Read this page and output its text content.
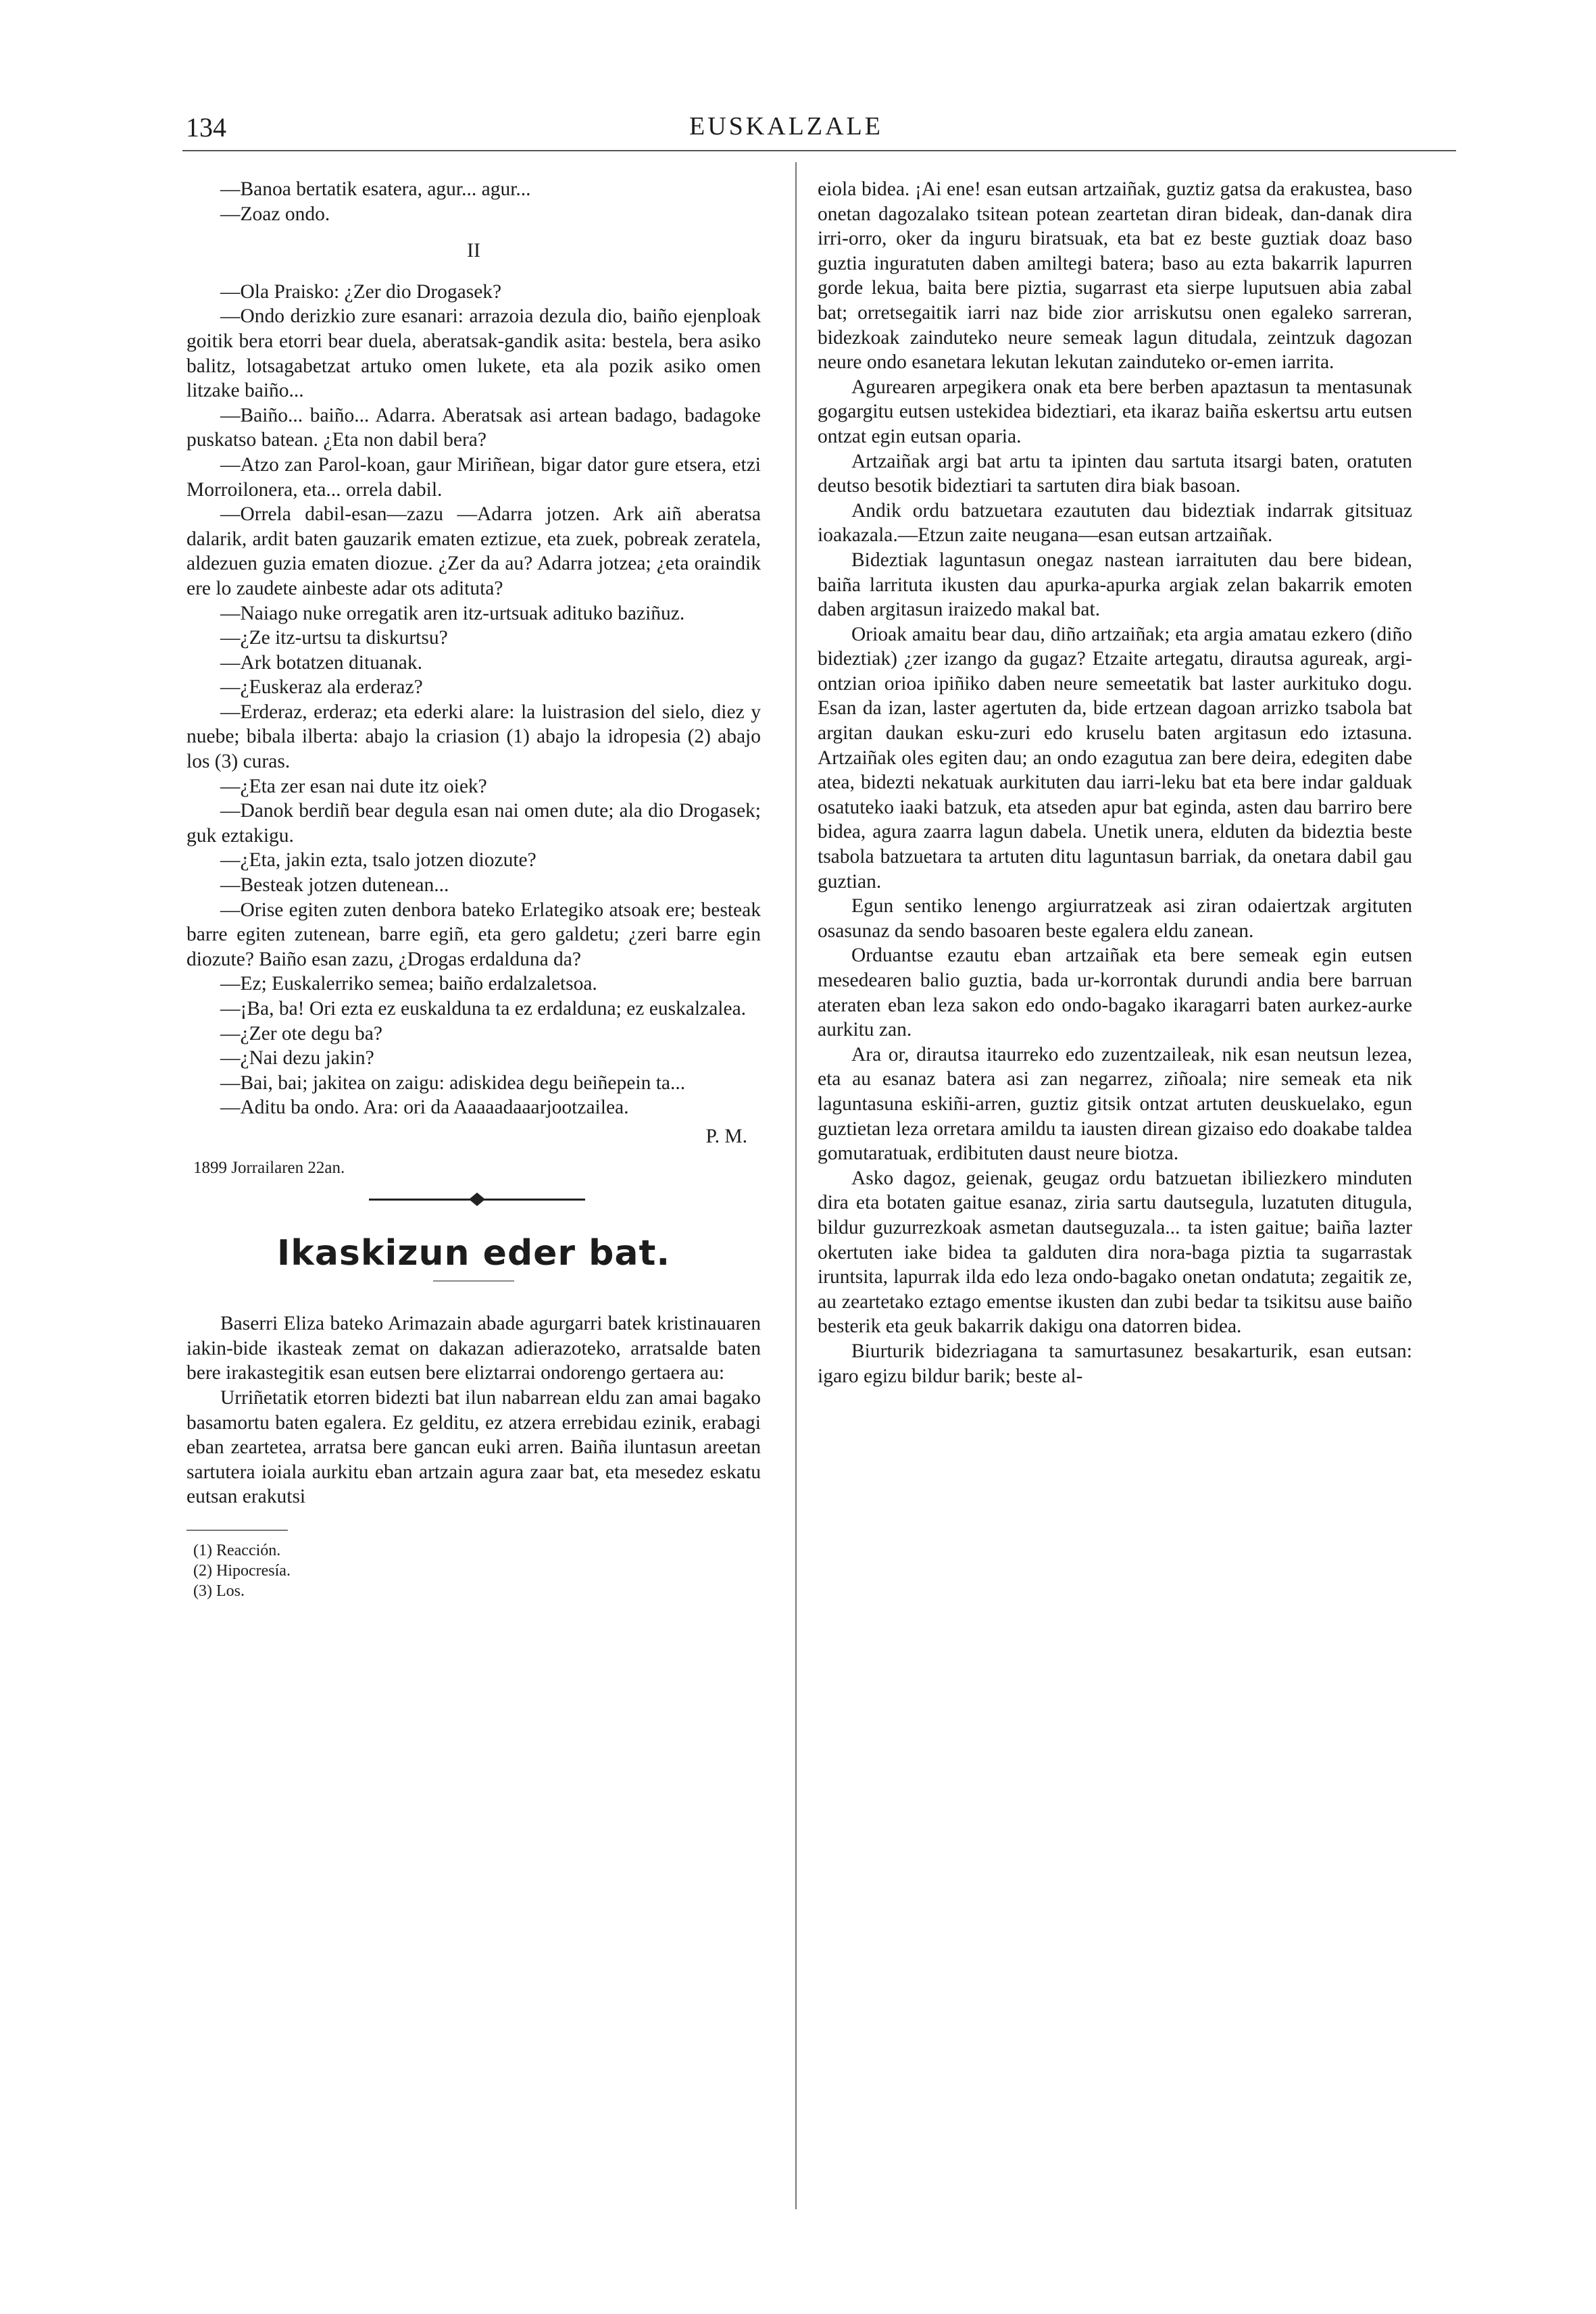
134	EUSKALZALE

—Banoa bertatik esatera, agur... agur...

—Zoaz ondo.

II

—Ola Praisko: ¿Zer dio Drogasek?

—Ondo derizkio zure esanari: arrazoia dezula dio, baiño ejenploak goitik bera etorri bear duela, aberatsak-gandik asita: bestela, bera asiko balitz, lotsagabetzat artuko omen lukete, eta ala pozik asiko omen litzake baiño...

—Baiño... baiño... Adarra. Aberatsak asi artean badago, badagoke puskatso batean. ¿Eta non dabil bera?

—Atzo zan Parol-koan, gaur Miriñean, bigar dator gure etsera, etzi Morroilonera, eta... orrela dabil.

—Orrela dabil-esan—zazu —Adarra jotzen. Ark aiñ aberatsa dalarik, ardit baten gauzarik ematen eztizue, eta zuek, pobreak zeratela, aldezuen guzia ematen diozue. ¿Zer da au? Adarra jotzea; ¿eta oraindik ere lo zaudete ainbeste adar ots adituta?

—Naiago nuke orregatik aren itz-urtsuak adituko baziñuz.

—¿Ze itz-urtsu ta diskurtsu?

—Ark botatzen dituanak.

—¿Euskeraz ala erderaz?

—Erderaz, erderaz; eta ederki alare: la luistrasion del sielo, diez y nuebe; bibala ilberta: abajo la criasion (1) abajo la idropesia (2) abajo los (3) curas.

—¿Eta zer esan nai dute itz oiek?

—Danok berdiñ bear degula esan nai omen dute; ala dio Drogasek; guk eztakigu.

—¿Eta, jakin ezta, tsalo jotzen diozute?

—Besteak jotzen dutenean...

—Orise egiten zuten denbora bateko Erlategiko atsoak ere; besteak barre egiten zutenean, barre egiñ, eta gero galdetu; ¿zeri barre egin diozute? Baiño esan zazu, ¿Drogas erdalduna da?

—Ez; Euskalerriko semea; baiño erdalzaletsoa.

—¡Ba, ba! Ori ezta ez euskalduna ta ez erdalduna; ez euskalzalea.

—¿Zer ote degu ba?

—¿Nai dezu jakin?

—Bai, bai; jakitea on zaigu: adiskidea degu beiñepein ta...

—Aditu ba ondo. Ara: ori da Aaaaadaaarjootzailea.

P. M.

1899 Jorrailaren 22an.

Ikaskizun eder bat.

Baserri Eliza bateko Arimazain abade agurgarri batek kristinauaren iakin-bide ikasteak zemat on dakazan adierazoteko, arratsalde baten bere irakastegitik esan eutsen bere eliztarrai ondorengo gertaera au:

Urriñetatik etorren bidezti bat ilun nabarrean eldu zan amai bagako basamortu baten egalera. Ez gelditu, ez atzera errebidau ezinik, erabagi eban zeartetea, arratsa bere gancan euki arren. Baiña iluntasun areetan sartutera ioiala aurkitu eban artzain agura zaar bat, eta mesedez eskatu eutsan erakutsi

(1) Reacción.
(2) Hipocresía.
(3) Los.

eiola bidea. ¡Ai ene! esan eutsan artzaiñak, guztiz gatsa da erakustea, baso onetan dagozalako tsitean potean zeartetan diran bideak, dan-danak dira irri-orro, oker da inguru biratsuak, eta bat ez beste guztiak doaz baso guztia inguratuten daben amiltegi batera; baso au ezta bakarrik lapurren gorde lekua, baita bere piztia, sugarrast eta sierpe luputsuen abia zabal bat; orretsegaitik iarri naz bide zior arriskutsu onen egaleko sarreran, bidezkoak zainduteko neure semeak lagun ditudala, zeintzuk dagozan neure ondo esanetara lekutan lekutan zainduteko or-emen iarrita.

Agurearen arpegikera onak eta bere berben apaztasun ta mentasunak gogargitu eutsen ustekidea bideztiari, eta ikaraz baiña eskertsu artu eutsen ontzat egin eutsan oparia.

Artzaiñak argi bat artu ta ipinten dau sartuta itsargi baten, oratuten deutso besotik bideztiari ta sartuten dira biak basoan.

Andik ordu batzuetara ezaututen dau bideztiak indarrak gitsituaz ioakazala.—Etzun zaite neugana—esan eutsan artzaiñak.

Bideztiak laguntasun onegaz nastean iarraituten dau bere bidean, baiña larrituta ikusten dau apurka-apurka argiak zelan bakarrik emoten daben argitasun iraizedo makal bat.

Orioak amaitu bear dau, diño artzaiñak; eta argia amatau ezkero (diño bideztiak) ¿zer izango da gugaz? Etzaite artegatu, dirautsa agureak, argi-ontzian orioa ipiñiko daben neure semeetatik bat laster aurkituko dogu. Esan da izan, laster agertuten da, bide ertzean dagoan arrizko tsabola bat argitan daukan esku-zuri edo kruselu baten argitasun edo iztasuna. Artzaiñak oles egiten dau; an ondo ezagutua zan bere deira, edegiten dabe atea, bidezti nekatuak aurkituten dau iarri-leku bat eta bere indar galduak osatuteko iaaki batzuk, eta atseden apur bat eginda, asten dau barriro bere bidea, agura zaarra lagun dabela. Unetik unera, elduten da bideztia beste tsabola batzuetara ta artuten ditu laguntasun barriak, da onetara dabil gau guztian.

Egun sentiko lenengo argiurratzeak asi ziran odaiertzak argituten osasunaz da sendo basoaren beste egalera eldu zanean.

Orduantse ezautu eban artzaiñak eta bere semeak egin eutsen mesedearen balio guztia, bada ur-korrontak durundi andia bere barruan ateraten eban leza sakon edo ondo-bagako ikaragarri baten aurkez-aurke aurkitu zan.

Ara or, dirautsa itaurreko edo zuzentzaileak, nik esan neutsun lezea, eta au esanaz batera asi zan negarrez, ziñoala; nire semeak eta nik laguntasuna eskiñi-arren, guztiz gitsik ontzat artuten deuskuelako, egun guztietan leza orretara amildu ta iausten direan gizaiso edo doakabe taldea gomutaratuak, erdibituten daust neure biotza.

Asko dagoz, geienak, geugaz ordu batzuetan ibiliezkero minduten dira eta botaten gaitue esanaz, ziria sartu dautsegula, luzatuten ditugula, bildur guzurrezkoak asmetan dautseguzala... ta isten gaitue; baiña lazter okertuten iake bidea ta galduten dira nora-baga piztia ta sugarrastak iruntsita, lapurrak ilda edo leza ondo-bagako onetan ondatuta; zegaitik ze, au zeartetako eztago ementse ikusten dan zubi bedar ta tsikitsu ause baiño besterik eta geuk bakarrik dakigu ona datorren bidea.

Biurturik bidezriagana ta samurtasunez besakarturik, esan eutsan: igaro egizu bildur barik; beste al-
